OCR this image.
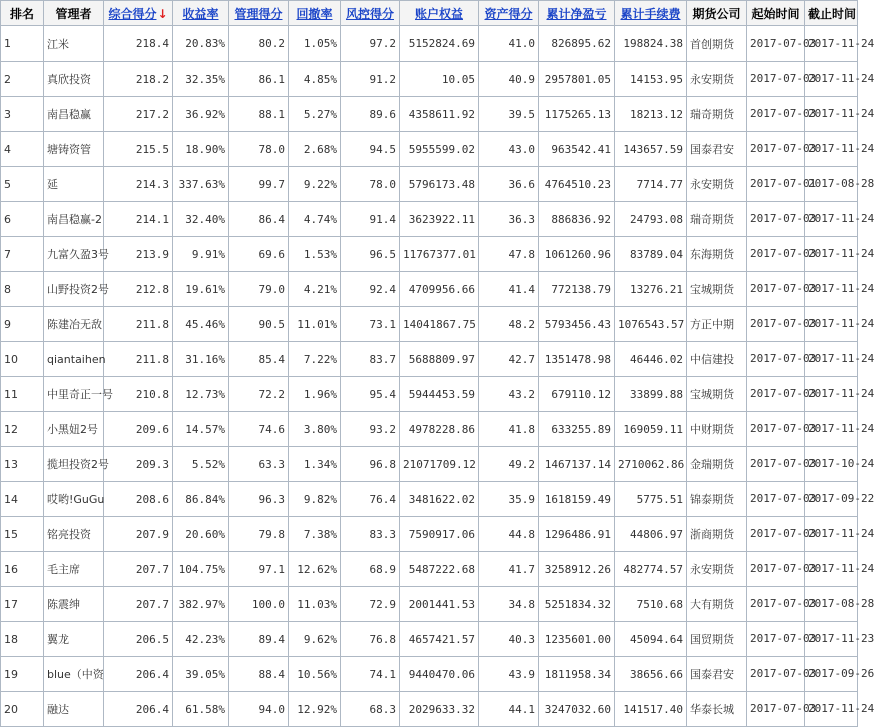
排名	管理者	综合得分↓	收益率	管理得分	回撤率	风控得分	账户权益	资产得分	累计净盈亏	累计手续费	期货公司	起始时间	截止时间
1	江米	218.4	20.83%	80.2	1.05%	97.2	5152824.69	41.0	826895.62	198824.38	首创期货	2017-07-03	2017-11-24
2	真欣投资	218.2	32.35%	86.1	4.85%	91.2	10.05	40.9	2957801.05	14153.95	永安期货	2017-07-03	2017-11-24
3	南昌稳赢	217.2	36.92%	88.1	5.27%	89.6	4358611.92	39.5	1175265.13	18213.12	瑞奇期货	2017-07-03	2017-11-24
4	塘铸资管	215.5	18.90%	78.0	2.68%	94.5	5955599.02	43.0	963542.41	143657.59	国泰君安	2017-07-03	2017-11-24
5	延	214.3	337.63%	99.7	9.22%	78.0	5796173.48	36.6	4764510.23	7714.77	永安期货	2017-07-01	2017-08-28
6	南昌稳赢-2	214.1	32.40%	86.4	4.74%	91.4	3623922.11	36.3	886836.92	24793.08	瑞奇期货	2017-07-03	2017-11-24
7	九富久盈3号	213.9	9.91%	69.6	1.53%	96.5	11767377.01	47.8	1061260.96	83789.04	东海期货	2017-07-03	2017-11-24
8	山野投资2号	212.8	19.61%	79.0	4.21%	92.4	4709956.66	41.4	772138.79	13276.21	宝城期货	2017-07-03	2017-11-24
9	陈建冶无敌	211.8	45.46%	90.5	11.01%	73.1	14041867.75	48.2	5793456.43	1076543.57	方正中期	2017-07-03	2017-11-24
10	qiantaihen	211.8	31.16%	85.4	7.22%	83.7	5688809.97	42.7	1351478.98	46446.02	中信建投	2017-07-03	2017-11-24
11	中里奇正一号	210.8	12.73%	72.2	1.96%	95.4	5944453.59	43.2	679110.12	33899.88	宝城期货	2017-07-03	2017-11-24
12	小黑妞2号	209.6	14.57%	74.6	3.80%	93.2	4978228.86	41.8	633255.89	169059.11	中财期货	2017-07-03	2017-11-24
13	揽坦投资2号	209.3	5.52%	63.3	1.34%	96.8	21071709.12	49.2	1467137.14	2710062.86	金瑞期货	2017-07-03	2017-10-24
14	哎哟!GuGu	208.6	86.84%	96.3	9.82%	76.4	3481622.02	35.9	1618159.49	5775.51	锦泰期货	2017-07-03	2017-09-22
15	铭亮投资	207.9	20.60%	79.8	7.38%	83.3	7590917.06	44.8	1296486.91	44806.97	浙商期货	2017-07-03	2017-11-24
16	毛主席	207.7	104.75%	97.1	12.62%	68.9	5487222.68	41.7	3258912.26	482774.57	永安期货	2017-07-03	2017-11-24
17	陈震绅	207.7	382.97%	100.0	11.03%	72.9	2001441.53	34.8	5251834.32	7510.68	大有期货	2017-07-03	2017-08-28
18	翼龙	206.5	42.23%	89.4	9.62%	76.8	4657421.57	40.3	1235601.00	45094.64	国贸期货	2017-07-03	2017-11-23
19	blue（中资	206.4	39.05%	88.4	10.56%	74.1	9440470.06	43.9	1811958.34	38656.66	国泰君安	2017-07-03	2017-09-26
20	融达	206.4	61.58%	94.0	12.92%	68.3	2029633.32	44.1	3247032.60	141517.40	华泰长城	2017-07-03	2017-11-24
